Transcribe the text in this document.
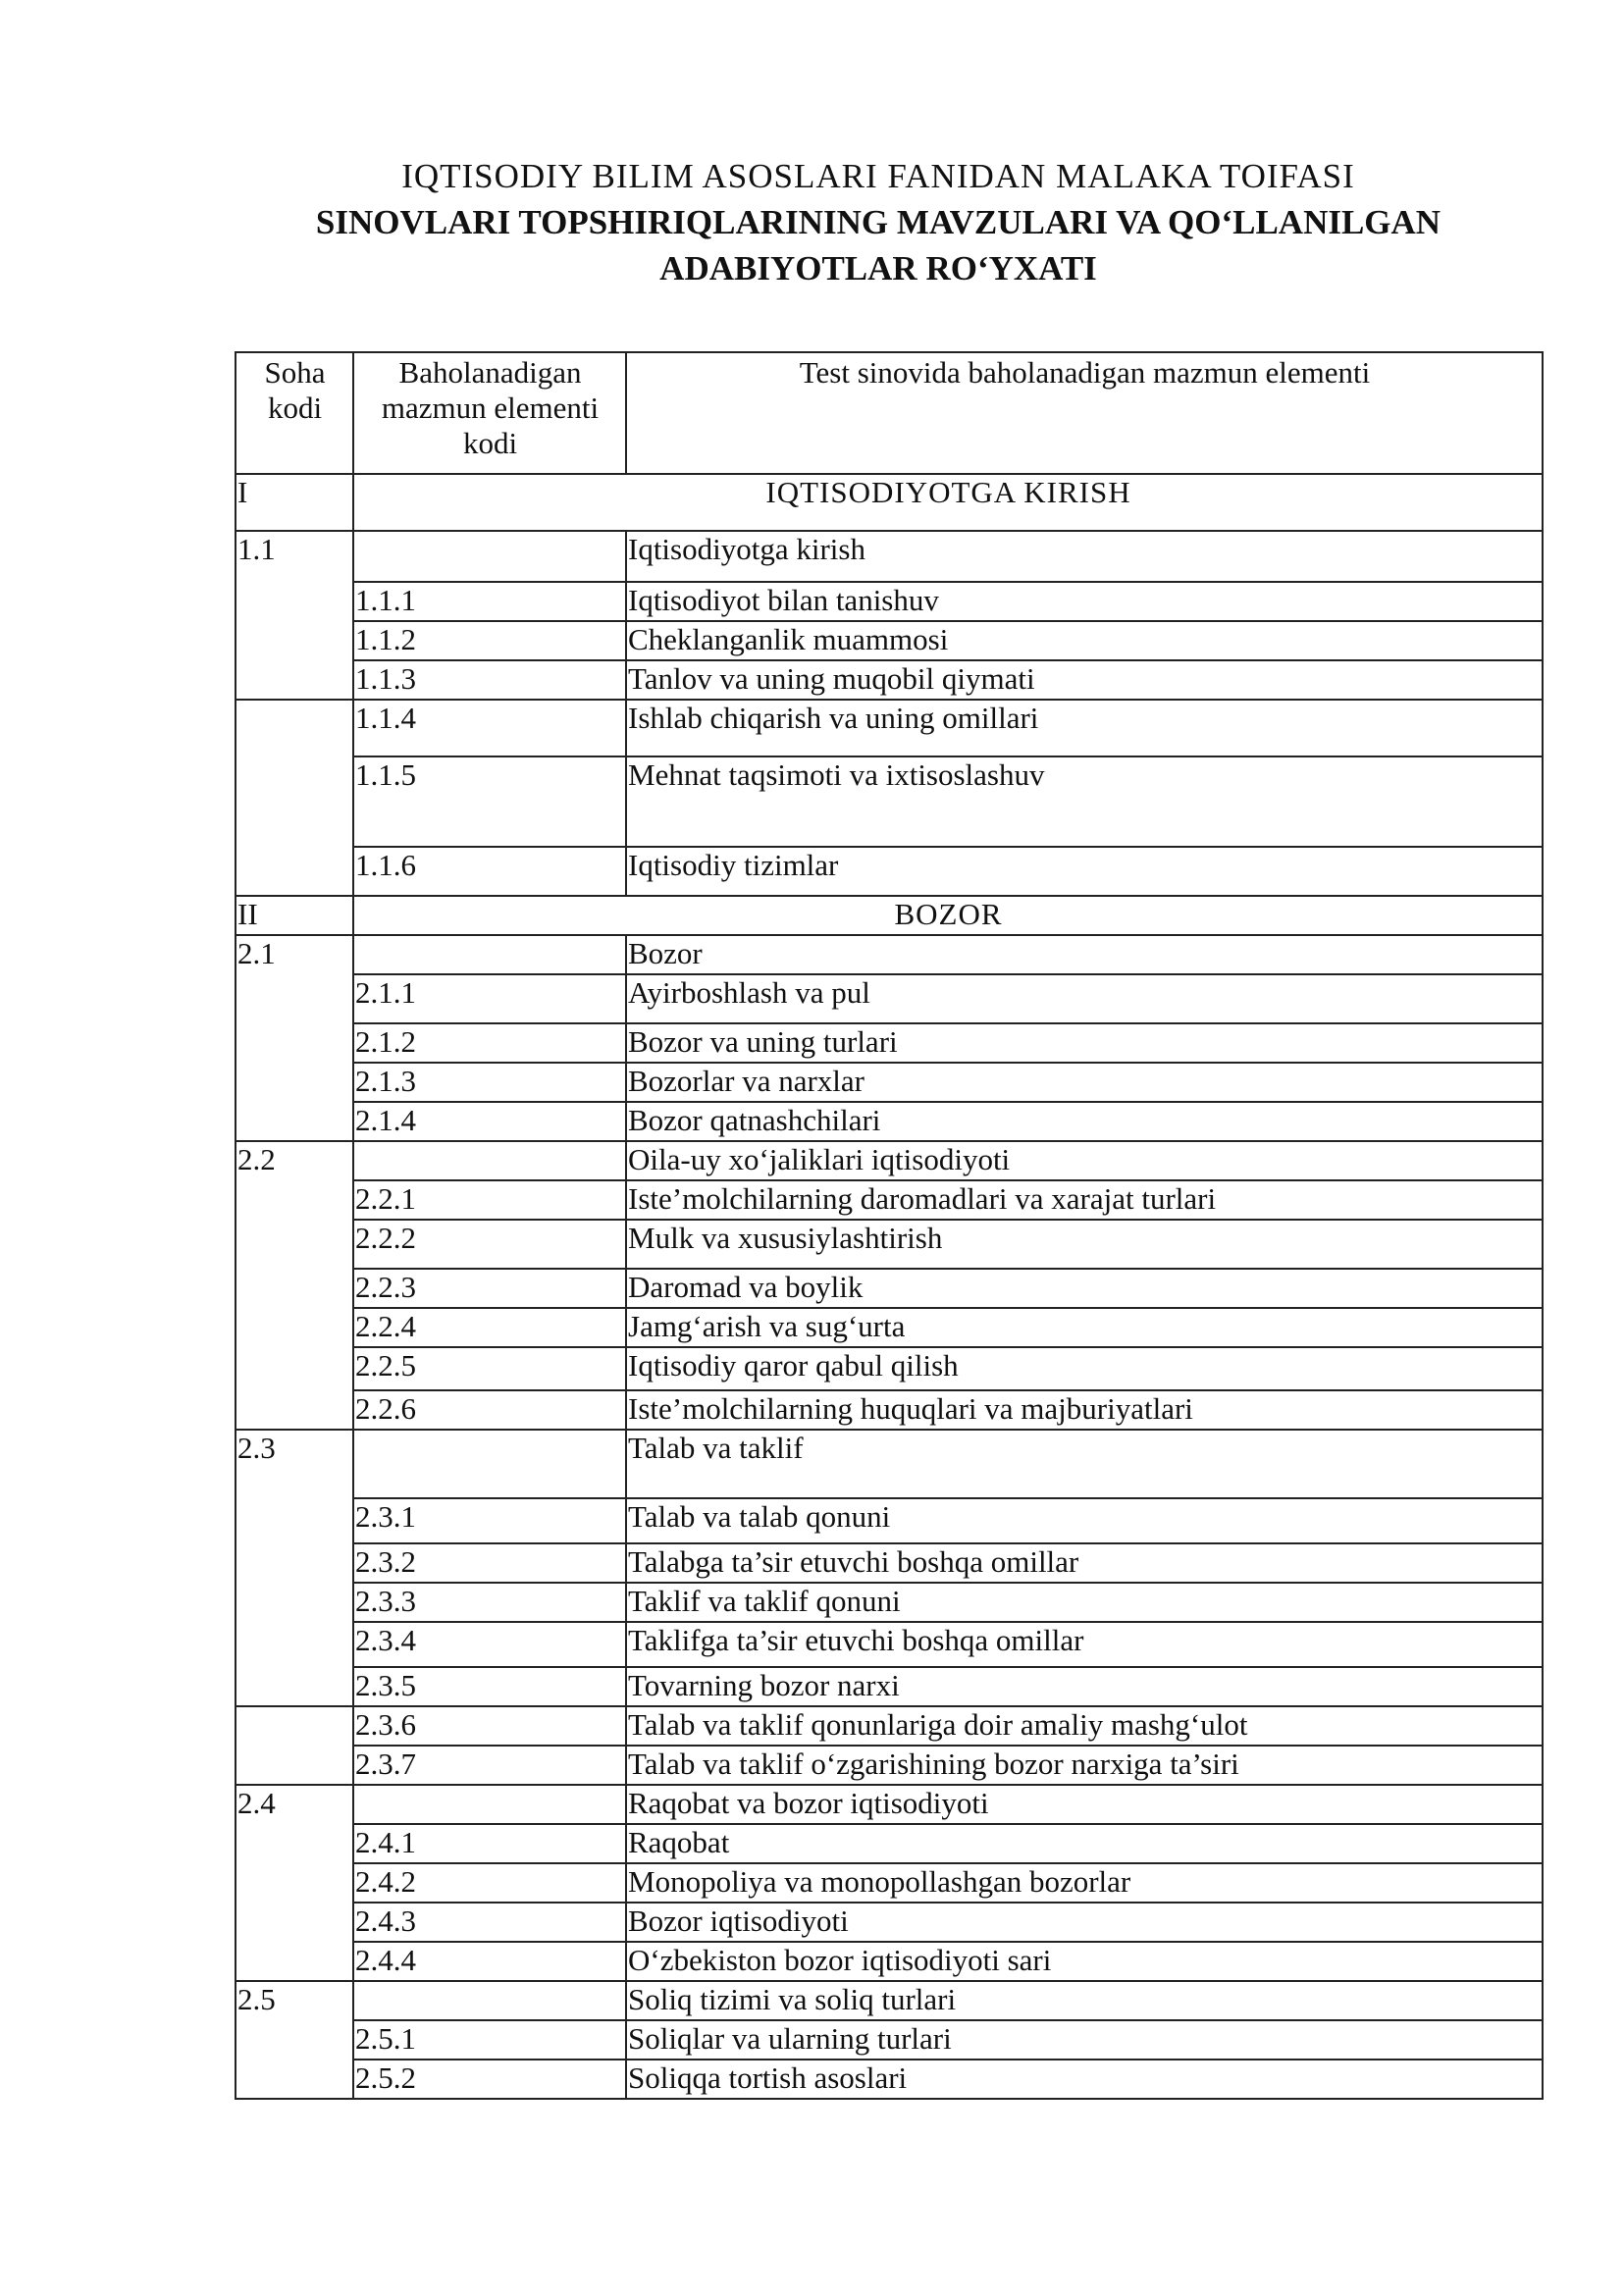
IQTISODIY BILIM ASOSLARI FANIDAN MALAKA TOIFASI
SINOVLARI TOPSHIRIQLARINING MAVZULARI VA QO‘LLANILGAN
ADABIYOTLAR RO‘YXATI
Soha kodi	Baholanadigan mazmun elementi kodi	Test sinovida baholanadigan mazmun elementi
I	IQTISODIYOTGA KIRISH	
1.1		Iqtisodiyotga kirish
	1.1.1	Iqtisodiyot bilan tanishuv
	1.1.2	Cheklanganlik muammosi
	1.1.3	Tanlov va uning muqobil qiymati
	1.1.4	Ishlab chiqarish va uning omillari
	1.1.5	Mehnat taqsimoti va ixtisoslashuv
	1.1.6	Iqtisodiy tizimlar
II	BOZOR	
2.1		Bozor
	2.1.1	Ayirboshlash va pul
	2.1.2	Bozor va uning turlari
	2.1.3	Bozorlar va narxlar
	2.1.4	Bozor qatnashchilari
2.2		Oila-uy xo‘jaliklari iqtisodiyoti
	2.2.1	Iste’molchilarning daromadlari va xarajat turlari
	2.2.2	Mulk va xususiylashtirish
	2.2.3	Daromad va boylik
	2.2.4	Jamg‘arish va sug‘urta
	2.2.5	Iqtisodiy qaror qabul qilish
	2.2.6	Iste’molchilarning huquqlari va majburiyatlari
2.3		Talab va taklif
	2.3.1	Talab va talab qonuni
	2.3.2	Talabga ta’sir etuvchi boshqa omillar
	2.3.3	Taklif va taklif qonuni
	2.3.4	Taklifga ta’sir etuvchi boshqa omillar
	2.3.5	Tovarning bozor narxi
	2.3.6	Talab va taklif qonunlariga doir amaliy mashg‘ulot
	2.3.7	Talab va taklif o‘zgarishining bozor narxiga ta’siri
2.4		Raqobat va bozor iqtisodiyoti
	2.4.1	Raqobat
	2.4.2	Monopoliya va monopollashgan bozorlar
	2.4.3	Bozor iqtisodiyoti
	2.4.4	O‘zbekiston bozor iqtisodiyoti sari
2.5		Soliq tizimi va soliq turlari
	2.5.1	Soliqlar va ularning turlari
	2.5.2	Soliqqa tortish asoslari
